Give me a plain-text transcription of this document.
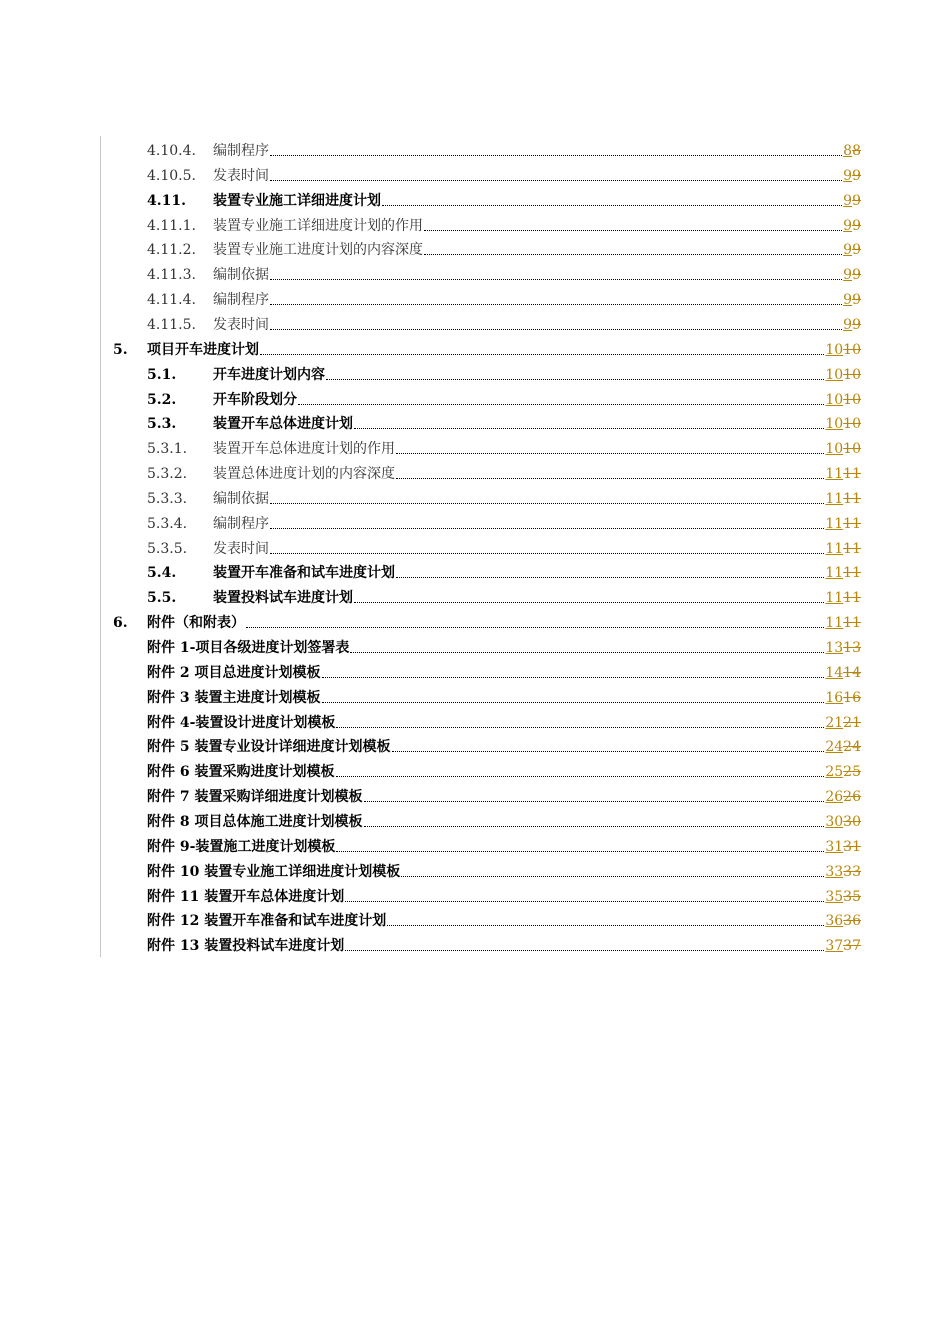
4.10.4.	编制程序	88
4.10.5.	发表时间	99
4.11.	装置专业施工详细进度计划	99
4.11.1.	装置专业施工详细进度计划的作用	99
4.11.2.	装置专业施工进度计划的内容深度	99
4.11.3.	编制依据	99
4.11.4.	编制程序	99
4.11.5.	发表时间	99
5.	项目开车进度计划	1010
5.1.	开车进度计划内容	1010
5.2.	开车阶段划分	1010
5.3.	装置开车总体进度计划	1010
5.3.1.	装置开车总体进度计划的作用	1010
5.3.2.	装置总体进度计划的内容深度	1111
5.3.3.	编制依据	1111
5.3.4.	编制程序	1111
5.3.5.	发表时间	1111
5.4.	装置开车准备和试车进度计划	1111
5.5.	装置投料试车进度计划	1111
6.	附件（和附表）	1111
附件 1-项目各级进度计划签署表	1313
附件 2 项目总进度计划模板	1414
附件 3 装置主进度计划模板	1616
附件 4-装置设计进度计划模板	2121
附件 5 装置专业设计详细进度计划模板	2424
附件 6 装置采购进度计划模板	2525
附件 7 装置采购详细进度计划模板	2626
附件 8 项目总体施工进度计划模板	3030
附件 9-装置施工进度计划模板	3131
附件 10 装置专业施工详细进度计划模板	3333
附件 11 装置开车总体进度计划	3535
附件 12 装置开车准备和试车进度计划	3636
附件 13 装置投料试车进度计划	3737
